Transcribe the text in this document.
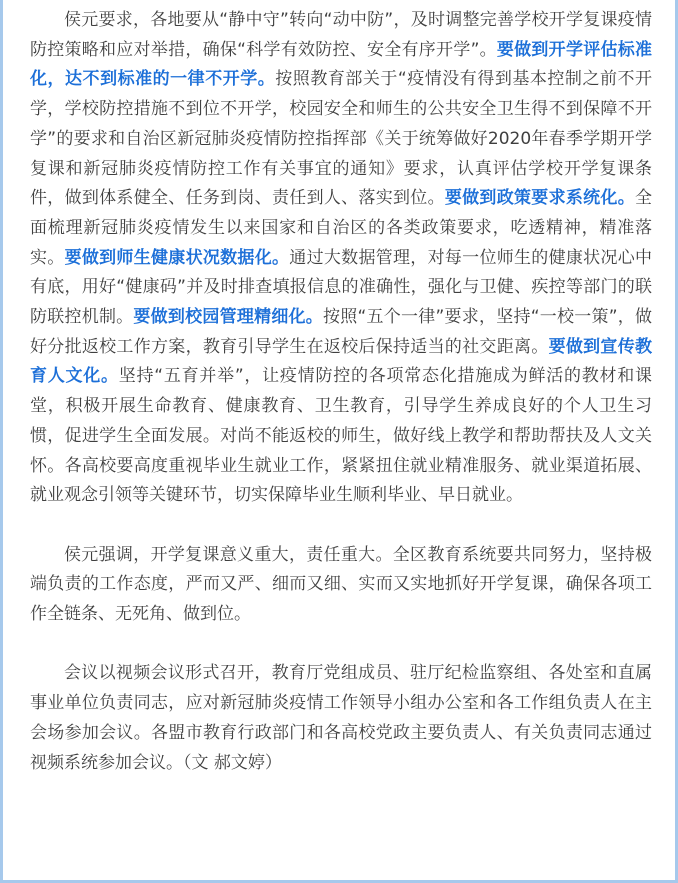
侯元要求，各地要从“静中守”转向“动中防”，及时调整完善学校开学复课疫情防控策略和应对举措，确保“科学有效防控、安全有序开学”。要做到开学评估标准化，达不到标准的一律不开学。按照教育部关于“疫情没有得到基本控制之前不开学，学校防控措施不到位不开学，校园安全和师生的公共安全卫生得不到保障不开学”的要求和自治区新冠肺炎疫情防控指挥部《关于统筹做好2020年春季学期开学复课和新冠肺炎疫情防控工作有关事宜的通知》要求，认真评估学校开学复课条件，做到体系健全、任务到岗、责任到人、落实到位。要做到政策要求系统化。全面梳理新冠肺炎疫情发生以来国家和自治区的各类政策要求，吃透精神，精准落实。要做到师生健康状况数据化。通过大数据管理，对每一位师生的健康状况心中有底，用好“健康码”并及时排查填报信息的准确性，强化与卫健、疾控等部门的联防联控机制。要做到校园管理精细化。按照“五个一律”要求，坚持“一校一策”，做好分批返校工作方案，教育引导学生在返校后保持适当的社交距离。要做到宣传教育人文化。坚持“五育并举”，让疫情防控的各项常态化措施成为鲜活的教材和课堂，积极开展生命教育、健康教育、卫生教育，引导学生养成良好的个人卫生习惯，促进学生全面发展。对尚不能返校的师生，做好线上教学和帮助帮扶及人文关怀。各高校要高度重视毕业生就业工作，紧紧扭住就业精准服务、就业渠道拓展、就业观念引领等关键环节，切实保障毕业生顺利毕业、早日就业。

侯元强调，开学复课意义重大，责任重大。全区教育系统要共同努力，坚持极端负责的工作态度，严而又严、细而又细、实而又实地抓好开学复课，确保各项工作全链条、无死角、做到位。

会议以视频会议形式召开，教育厅党组成员、驻厅纪检监察组、各处室和直属事业单位负责同志，应对新冠肺炎疫情工作领导小组办公室和各工作组负责人在主会场参加会议。各盟市教育行政部门和各高校党政主要负责人、有关负责同志通过视频系统参加会议。（文 郝文婷）
